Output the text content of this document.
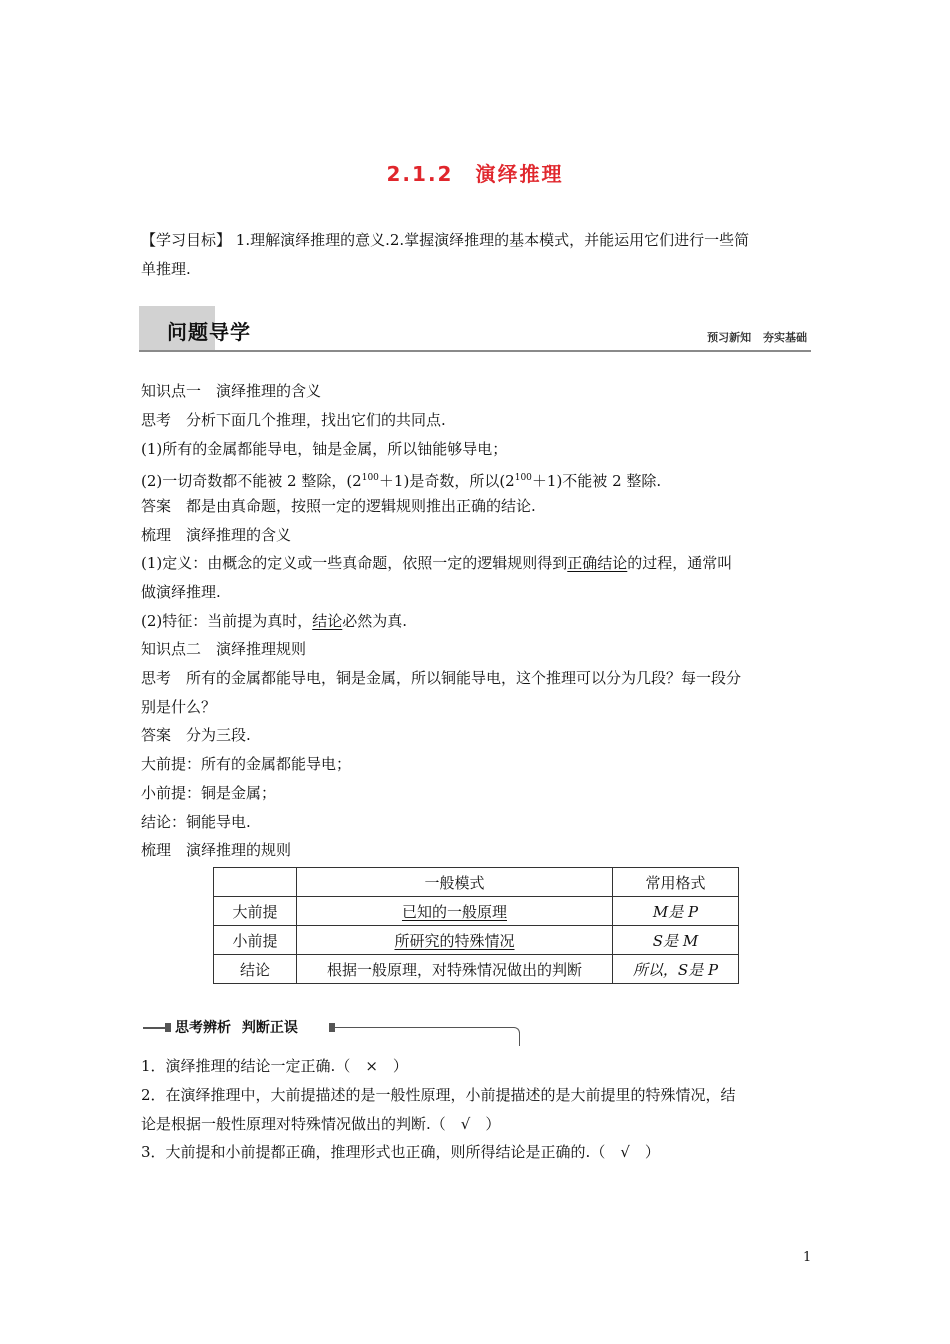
2.1.2　演绎推理
【学习目标】 1.理解演绎推理的意义.2.掌握演绎推理的基本模式，并能运用它们进行一些简
单推理.
问题导学	预习新知 夯实基础
知识点一　演绎推理的含义
思考　分析下面几个推理，找出它们的共同点.
(1)所有的金属都能导电，铀是金属，所以铀能够导电；
(2)一切奇数都不能被 2 整除，$(2^{100}+1)$是奇数，所以$(2^{100}+1)$不能被 2 整除.
答案　都是由真命题，按照一定的逻辑规则推出正确的结论.
梳理　演绎推理的含义
(1)定义：由概念的定义或一些真命题，依照一定的逻辑规则得到正确结论的过程，通常叫
做演绎推理.
(2)特征：当前提为真时，结论必然为真.
知识点二　演绎推理规则
思考　所有的金属都能导电，铜是金属，所以铜能导电，这个推理可以分为几段？每一段分
别是什么？
答案　分为三段.
大前提：所有的金属都能导电；
小前提：铜是金属；
结论：铜能导电.
梳理　演绎推理的规则
	一般模式	常用格式
大前提	已知的一般原理	M是 P
小前提	所研究的特殊情况	S是 M
结论	根据一般原理，对特殊情况做出的判断	所以，S是 P
思考辨析 判断正误
1．演绎推理的结论一定正确.（　×　）
2．在演绎推理中，大前提描述的是一般性原理，小前提描述的是大前提里的特殊情况，结
论是根据一般性原理对特殊情况做出的判断.（　√　）
3．大前提和小前提都正确，推理形式也正确，则所得结论是正确的.（　√　）
1
